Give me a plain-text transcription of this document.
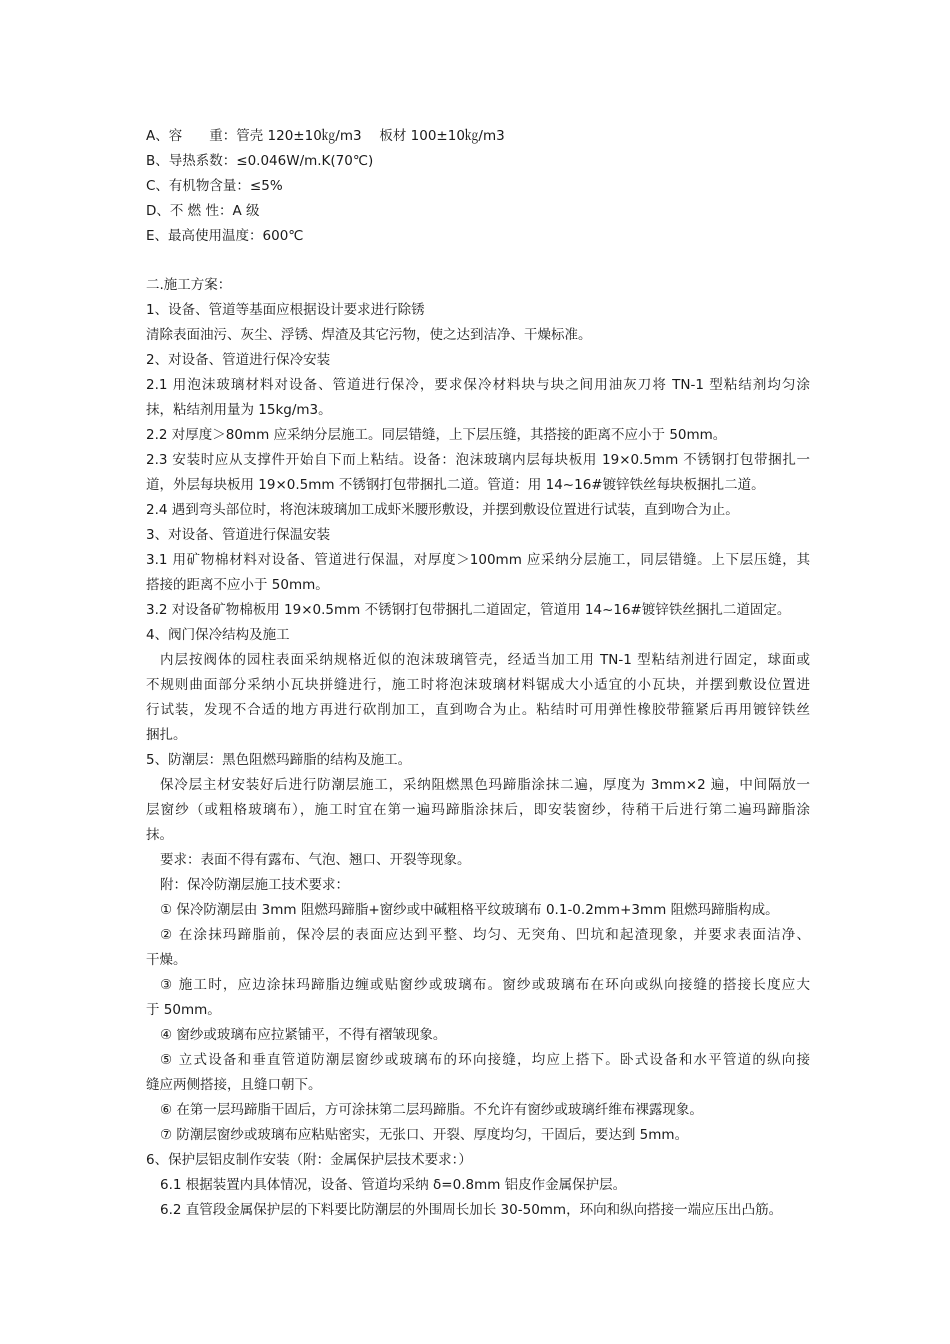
A、容　　重：管壳 120±10㎏/m3　 板材 100±10㎏/m3
B、导热系数：≤0.046W/m.K(70℃)
C、有机物含量：≤5%
D、不 燃 性：A 级
E、最高使用温度：600℃
二.施工方案：
1、设备、管道等基面应根据设计要求进行除锈
清除表面油污、灰尘、浮锈、焊渣及其它污物，使之达到洁净、干燥标准。
2、对设备、管道进行保冷安装
2.1 用泡沫玻璃材料对设备、管道进行保冷，要求保冷材料块与块之间用油灰刀将 TN-1 型粘结剂均匀涂
抹，粘结剂用量为 15kg/m3。
2.2 对厚度＞80mm 应采纳分层施工。同层错缝，上下层压缝，其搭接的距离不应小于 50mm。
2.3 安装时应从支撑件开始自下而上粘结。设备：泡沫玻璃内层每块板用 19×0.5mm 不锈钢打包带捆扎一
道，外层每块板用 19×0.5mm 不锈钢打包带捆扎二道。管道：用 14~16#镀锌铁丝每块板捆扎二道。
2.4 遇到弯头部位时，将泡沫玻璃加工成虾米腰形敷设，并摆到敷设位置进行试装，直到吻合为止。
3、对设备、管道进行保温安装
3.1 用矿物棉材料对设备、管道进行保温，对厚度＞100mm 应采纳分层施工，同层错缝。上下层压缝，其
搭接的距离不应小于 50mm。
3.2 对设备矿物棉板用 19×0.5mm 不锈钢打包带捆扎二道固定，管道用 14~16#镀锌铁丝捆扎二道固定。
4、阀门保冷结构及施工
内层按阀体的园柱表面采纳规格近似的泡沫玻璃管壳，经适当加工用 TN-1 型粘结剂进行固定，球面或
不规则曲面部分采纳小瓦块拼缝进行，施工时将泡沫玻璃材料锯成大小适宜的小瓦块，并摆到敷设位置进
行试装，发现不合适的地方再进行砍削加工，直到吻合为止。粘结时可用弹性橡胶带箍紧后再用镀锌铁丝
捆扎。
5、防潮层：黑色阻燃玛蹄脂的结构及施工。
保冷层主材安装好后进行防潮层施工，采纳阻燃黑色玛蹄脂涂抹二遍，厚度为 3mm×2 遍，中间隔放一
层窗纱（或粗格玻璃布），施工时宜在第一遍玛蹄脂涂抹后，即安装窗纱，待稍干后进行第二遍玛蹄脂涂
抹。
要求：表面不得有露布、气泡、翘口、开裂等现象。
附：保冷防潮层施工技术要求：
① 保冷防潮层由 3mm 阻燃玛蹄脂+窗纱或中碱粗格平纹玻璃布 0.1-0.2mm+3mm 阻燃玛蹄脂构成。
② 在涂抹玛蹄脂前，保冷层的表面应达到平整、均匀、无突角、凹坑和起渣现象，并要求表面洁净、
干燥。
③ 施工时，应边涂抹玛蹄脂边缠或贴窗纱或玻璃布。窗纱或玻璃布在环向或纵向接缝的搭接长度应大
于 50mm。
④ 窗纱或玻璃布应拉紧铺平，不得有褶皱现象。
⑤ 立式设备和垂直管道防潮层窗纱或玻璃布的环向接缝，均应上搭下。卧式设备和水平管道的纵向接
缝应两侧搭接，且缝口朝下。
⑥ 在第一层玛蹄脂干固后，方可涂抹第二层玛蹄脂。不允许有窗纱或玻璃纤维布裸露现象。
⑦ 防潮层窗纱或玻璃布应粘贴密实，无张口、开裂、厚度均匀，干固后，要达到 5mm。
6、保护层铝皮制作安装（附：金属保护层技术要求：）
6.1 根据装置内具体情况，设备、管道均采纳 δ=0.8mm 铝皮作金属保护层。
6.2 直管段金属保护层的下料要比防潮层的外围周长加长 30-50mm，环向和纵向搭接一端应压出凸筋。
